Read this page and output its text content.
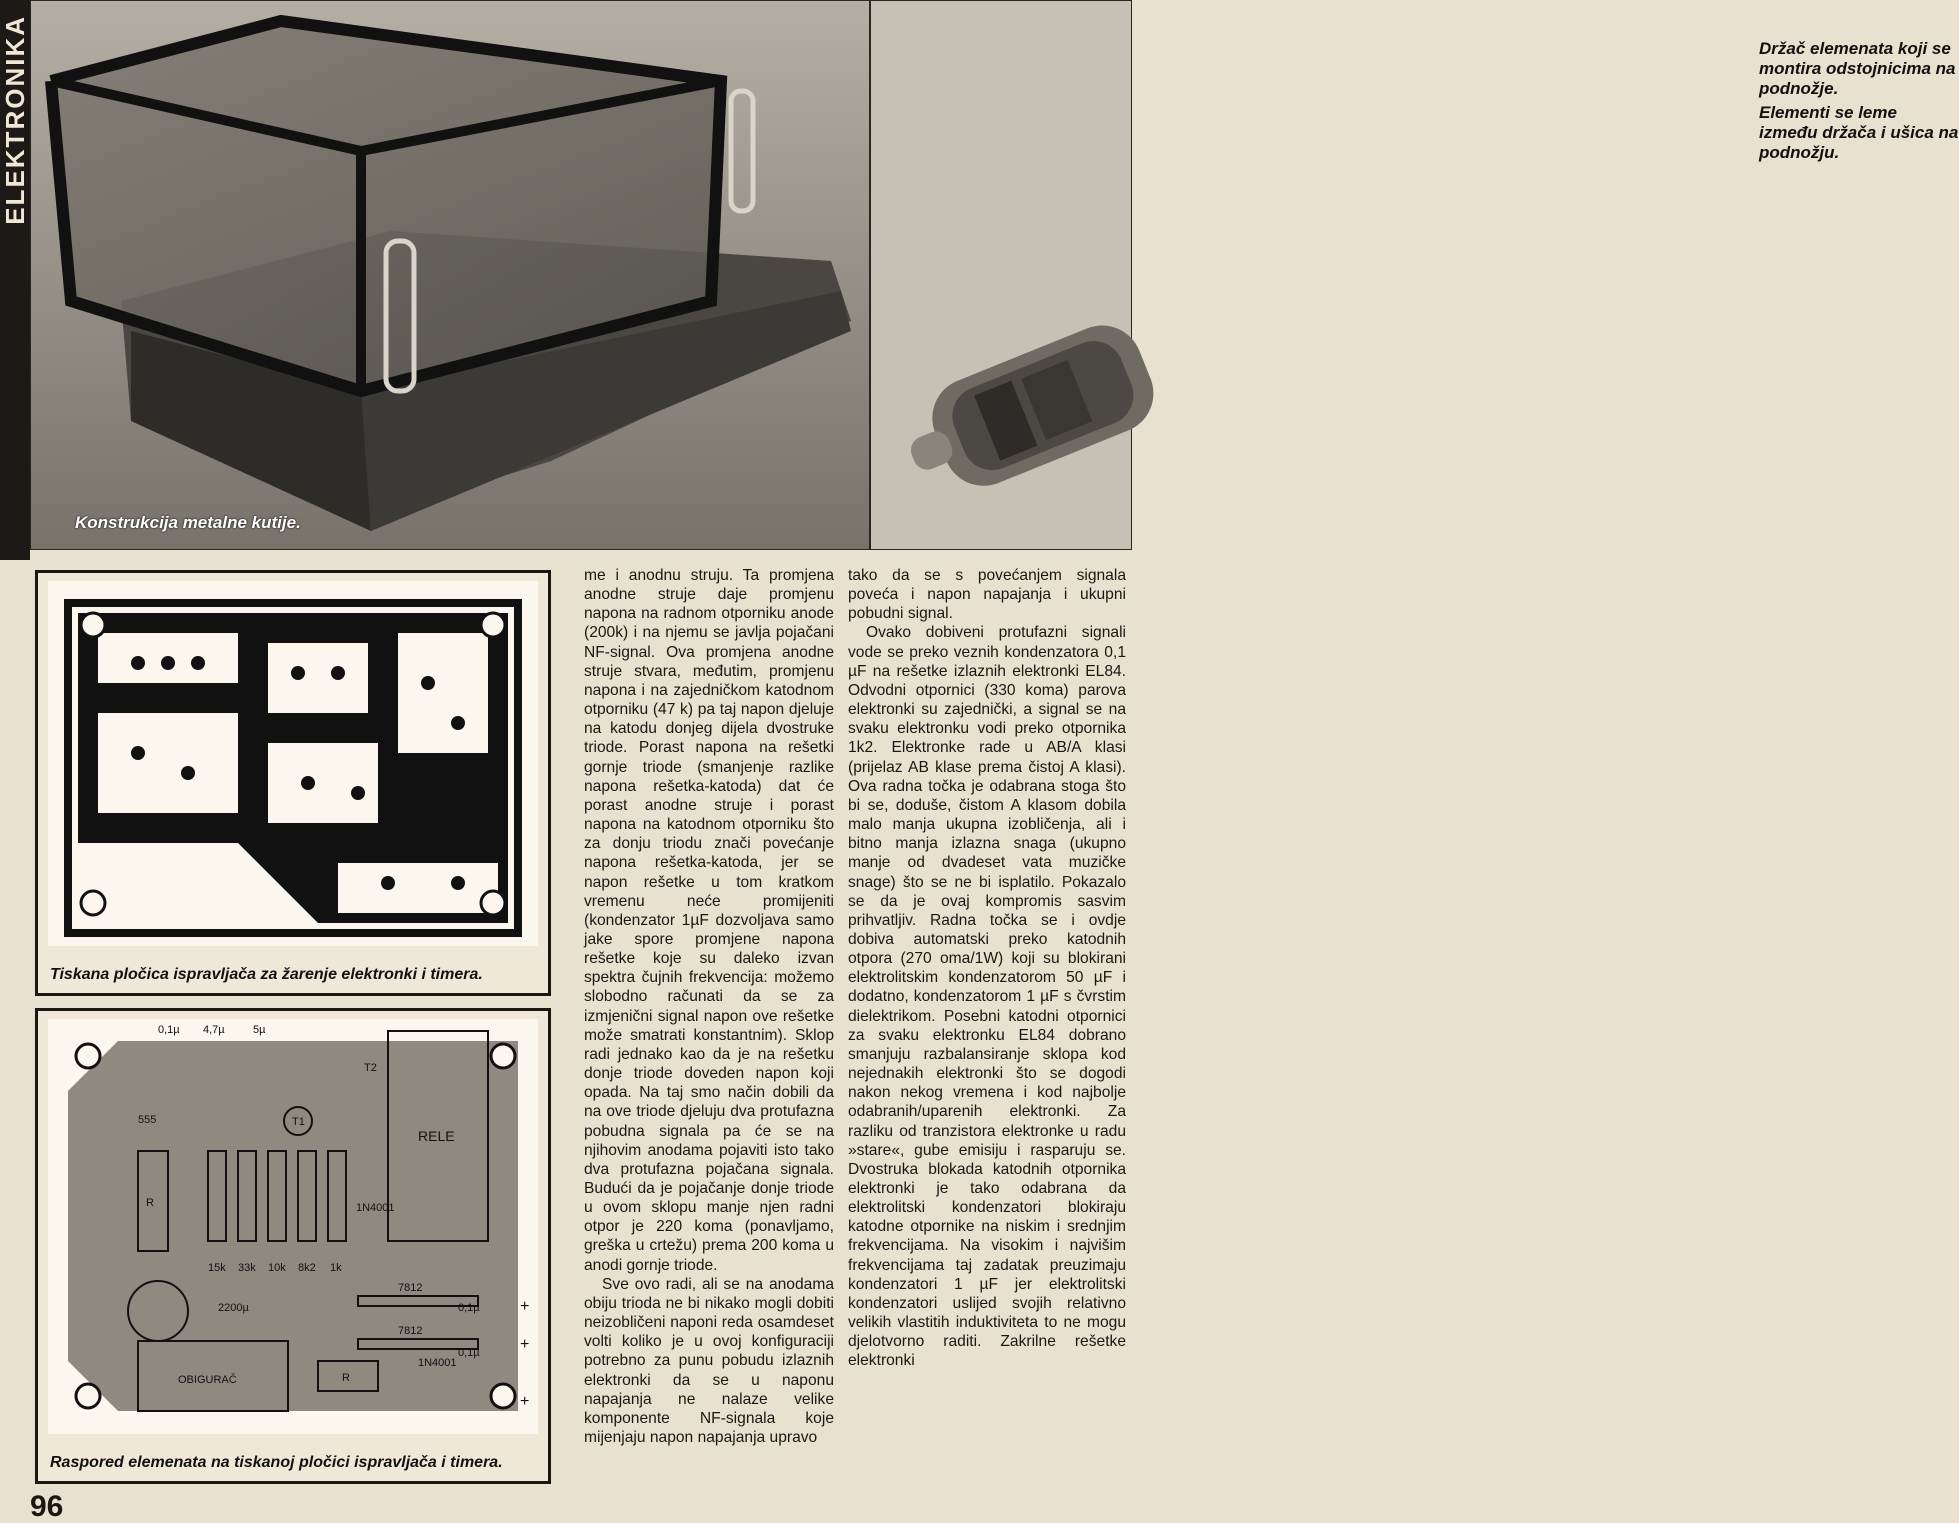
ELEKTRONIKA

Konstrukcija metalne kutije.

Držač elemenata koji se montira odstojnicima na podnožje.

Elementi se leme između držača i ušica na podnožju.

Tiskana pločica ispravljača za žarenje elektronki i timera.
0,1µ 4,7µ	5µ
555
R
15k 33k 10k 8k2 1k
1N4001
T1
T2
RELE
7812
7812
2200µ	0,1µ
0,1µ
OBIGURAČ	R
1N4001
+
+
+
Raspored elemenata na tiskanoj pločici ispravljača i timera.

me i anodnu struju. Ta promjena anodne struje daje promjenu napona na radnom otporniku anode (200k) i na njemu se javlja pojačani NF-signal. Ova promjena anodne struje stvara, međutim, promjenu napona i na zajedničkom katodnom otporniku (47 k) pa taj napon djeluje na katodu donjeg dijela dvostruke triode. Porast napona na rešetki gornje triode (smanjenje razlike napona rešetka-katoda) dat će porast anodne struje i porast napona na katodnom otporniku što za donju triodu znači povećanje napona rešetka-katoda, jer se napon rešetke u tom kratkom vremenu neće promijeniti (kondenzator 1µF dozvoljava samo jake spore promjene napona rešetke koje su daleko izvan spektra čujnih frekvencija: možemo slobodno računati da se za izmjenični signal napon ove rešetke može smatrati konstantnim). Sklop radi jednako kao da je na rešetku donje triode doveden napon koji opada. Na taj smo način dobili da na ove triode djeluju dva protufazna pobudna signala pa će se na njihovim anodama pojaviti isto tako dva protufazna pojačana signala. Budući da je pojačanje donje triode u ovom sklopu manje njen radni otpor je 220 koma (ponavljamo, greška u crtežu) prema 200 koma u anodi gornje triode.

Sve ovo radi, ali se na anodama obiju trioda ne bi nikako mogli dobiti neizobličeni naponi reda osamdeset volti koliko je u ovoj konfiguraciji potrebno za punu pobudu izlaznih elektronki da se u naponu napajanja ne nalaze velike komponente NF-signala koje mijenjaju napon napajanja upravo

tako da se s povećanjem signala poveća i napon napajanja i ukupni pobudni signal.

Ovako dobiveni protufazni signali vode se preko veznih kondenzatora 0,1 µF na rešetke izlaznih elektronki EL84. Odvodni otpornici (330 koma) parova elektronki su zajednički, a signal se na svaku elektronku vodi preko otpornika 1k2. Elektronke rade u AB/A klasi (prijelaz AB klase prema čistoj A klasi). Ova radna točka je odabrana stoga što bi se, doduše, čistom A klasom dobila malo manja ukupna izobličenja, ali i bitno manja izlazna snaga (ukupno manje od dvadeset vata muzičke snage) što se ne bi isplatilo. Pokazalo se da je ovaj kompromis sasvim prihvatljiv. Radna točka se i ovdje dobiva automatski preko katodnih otpora (270 oma/1W) koji su blokirani elektrolitskim kondenzatorom 50 µF i dodatno, kondenzatorom 1 µF s čvrstim dielektrikom. Posebni katodni otpornici za svaku elektronku EL84 dobrano smanjuju razbalansiranje sklopa kod nejednakih elektronki što se dogodi nakon nekog vremena i kod najbolje odabranih/uparenih elektronki. Za razliku od tranzistora elektronke u radu »stare«, gube emisiju i rasparuju se. Dvostruka blokada katodnih otpornika elektronki je tako odabrana da elektrolitski kondenzatori blokiraju katodne otpornike na niskim i srednjim frekvencijama. Na visokim i najvišim frekvencijama taj zadatak preuzimaju kondenzatori 1 µF jer elektrolitski kondenzatori uslijed svojih relativno velikih vlastitih induktiviteta to ne mogu djelotvorno raditi. Zakrilne rešetke elektronki

96
